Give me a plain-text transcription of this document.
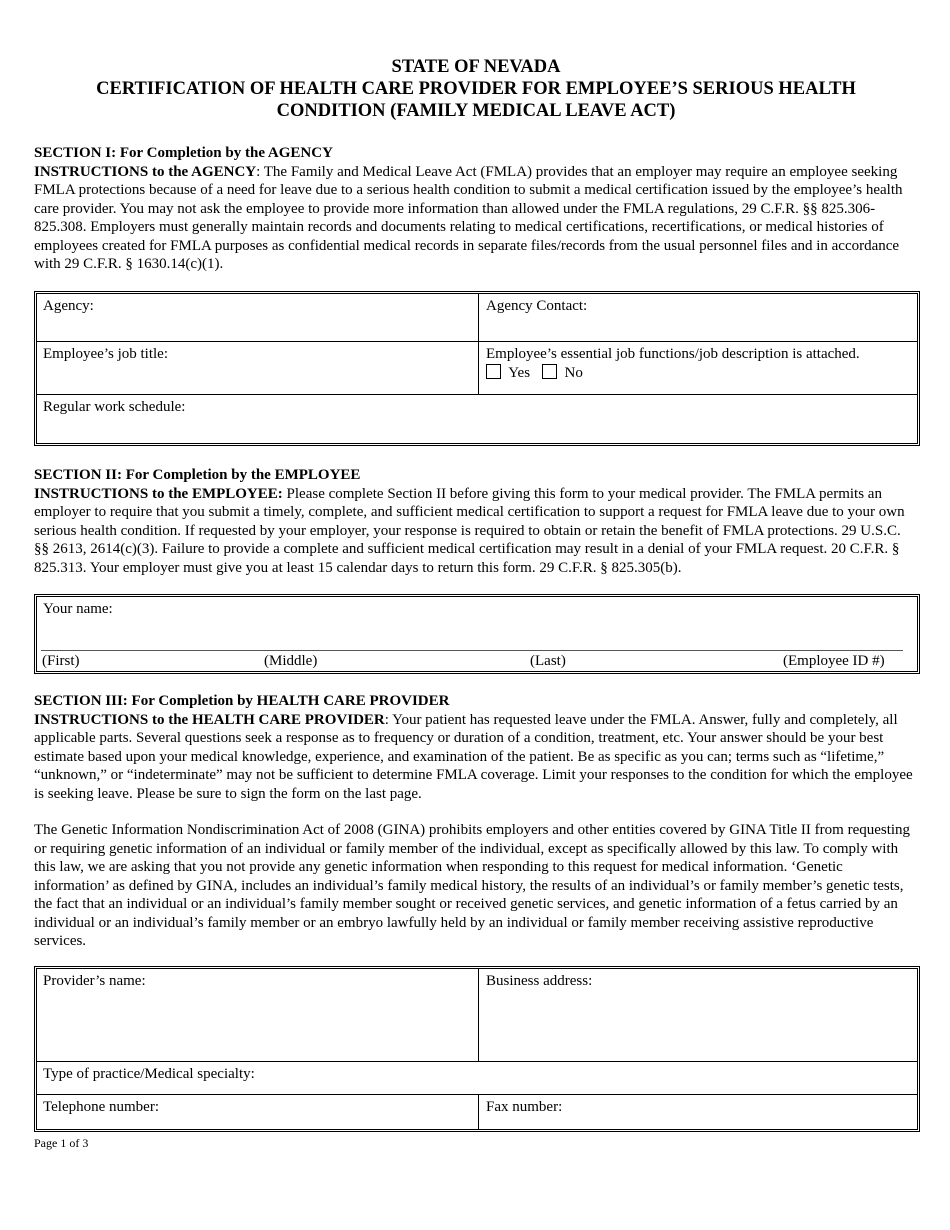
STATE OF NEVADA
CERTIFICATION OF HEALTH CARE PROVIDER FOR EMPLOYEE’S SERIOUS HEALTH
CONDITION (FAMILY MEDICAL LEAVE ACT)
SECTION I: For Completion by the AGENCY

INSTRUCTIONS to the AGENCY: The Family and Medical Leave Act (FMLA) provides that an employer may require an employee seeking FMLA protections because of a need for leave due to a serious health condition to submit a medical certification issued by the employee’s health care provider. You may not ask the employee to provide more information than allowed under the FMLA regulations, 29 C.F.R. §§ 825.306-825.308. Employers must generally maintain records and documents relating to medical certifications, recertifications, or medical histories of employees created for FMLA purposes as confidential medical records in separate files/records from the usual personnel files and in accordance with 29 C.F.R. § 1630.14(c)(1).

Agency:	Agency Contact:
Employee’s job title:	Employee’s essential job functions/job description is attached.
Yes No
Regular work schedule:
SECTION II: For Completion by the EMPLOYEE

INSTRUCTIONS to the EMPLOYEE: Please complete Section II before giving this form to your medical provider. The FMLA permits an employer to require that you submit a timely, complete, and sufficient medical certification to support a request for FMLA leave due to your own serious health condition. If requested by your employer, your response is required to obtain or retain the benefit of FMLA protections. 29 U.S.C. §§ 2613, 2614(c)(3). Failure to provide a complete and sufficient medical certification may result in a denial of your FMLA request. 20 C.F.R. § 825.313. Your employer must give you at least 15 calendar days to return this form. 29 C.F.R. § 825.305(b).

Your name:
(First)	(Middle)	(Last)	(Employee ID #)
SECTION III: For Completion by HEALTH CARE PROVIDER

INSTRUCTIONS to the HEALTH CARE PROVIDER: Your patient has requested leave under the FMLA. Answer, fully and completely, all applicable parts. Several questions seek a response as to frequency or duration of a condition, treatment, etc. Your answer should be your best estimate based upon your medical knowledge, experience, and examination of the patient. Be as specific as you can; terms such as “lifetime,” “unknown,” or “indeterminate” may not be sufficient to determine FMLA coverage. Limit your responses to the condition for which the employee is seeking leave. Please be sure to sign the form on the last page.

The Genetic Information Nondiscrimination Act of 2008 (GINA) prohibits employers and other entities covered by GINA Title II from requesting or requiring genetic information of an individual or family member of the individual, except as specifically allowed by this law. To comply with this law, we are asking that you not provide any genetic information when responding to this request for medical information. ‘Genetic information’ as defined by GINA, includes an individual’s family medical history, the results of an individual’s or family member’s genetic tests, the fact that an individual or an individual’s family member sought or received genetic services, and genetic information of a fetus carried by an individual or an individual’s family member or an embryo lawfully held by an individual or family member receiving assistive reproductive services.

Provider’s name:	Business address:
Type of practice/Medical specialty:
Telephone number:	Fax number:
Page 1 of 3
